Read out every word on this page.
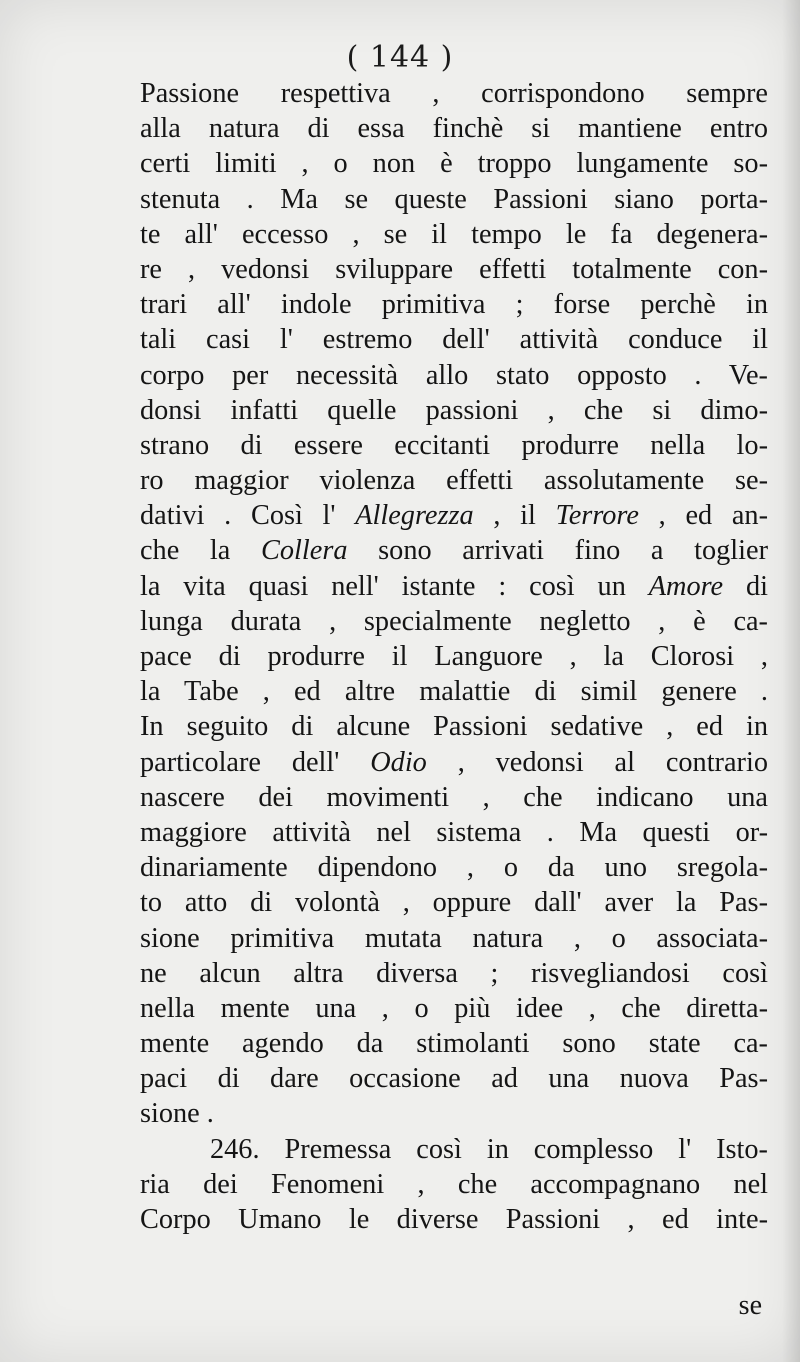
( 144 )
Passione respettiva , corrispondono sempre
alla natura di essa finchè si mantiene entro
certi limiti , o non è troppo lungamente so-
stenuta . Ma se queste Passioni siano porta-
te all' eccesso , se il tempo le fa degenera-
re , vedonsi sviluppare effetti totalmente con-
trari all' indole primitiva ; forse perchè in
tali casi l' estremo dell' attività conduce il
corpo per necessità allo stato opposto . Ve-
donsi infatti quelle passioni , che si dimo-
strano di essere eccitanti produrre nella lo-
ro maggior violenza effetti assolutamente se-
dativi . Così l' Allegrezza , il Terrore , ed an-
che la Collera sono arrivati fino a toglier
la vita quasi nell' istante : così un Amore di
lunga durata , specialmente negletto , è ca-
pace di produrre il Languore , la Clorosi ,
la Tabe , ed altre malattie di simil genere .
In seguito di alcune Passioni sedative , ed in
particolare dell' Odio , vedonsi al contrario
nascere dei movimenti , che indicano una
maggiore attività nel sistema . Ma questi or-
dinariamente dipendono , o da uno sregola-
to atto di volontà , oppure dall' aver la Pas-
sione primitiva mutata natura , o associata-
ne alcun altra diversa ; risvegliandosi così
nella mente una , o più idee , che diretta-
mente agendo da stimolanti sono state ca-
paci di dare occasione ad una nuova Pas-
sione .
246. Premessa così in complesso l' Isto-
ria dei Fenomeni , che accompagnano nel
Corpo Umano le diverse Passioni , ed inte-
se
